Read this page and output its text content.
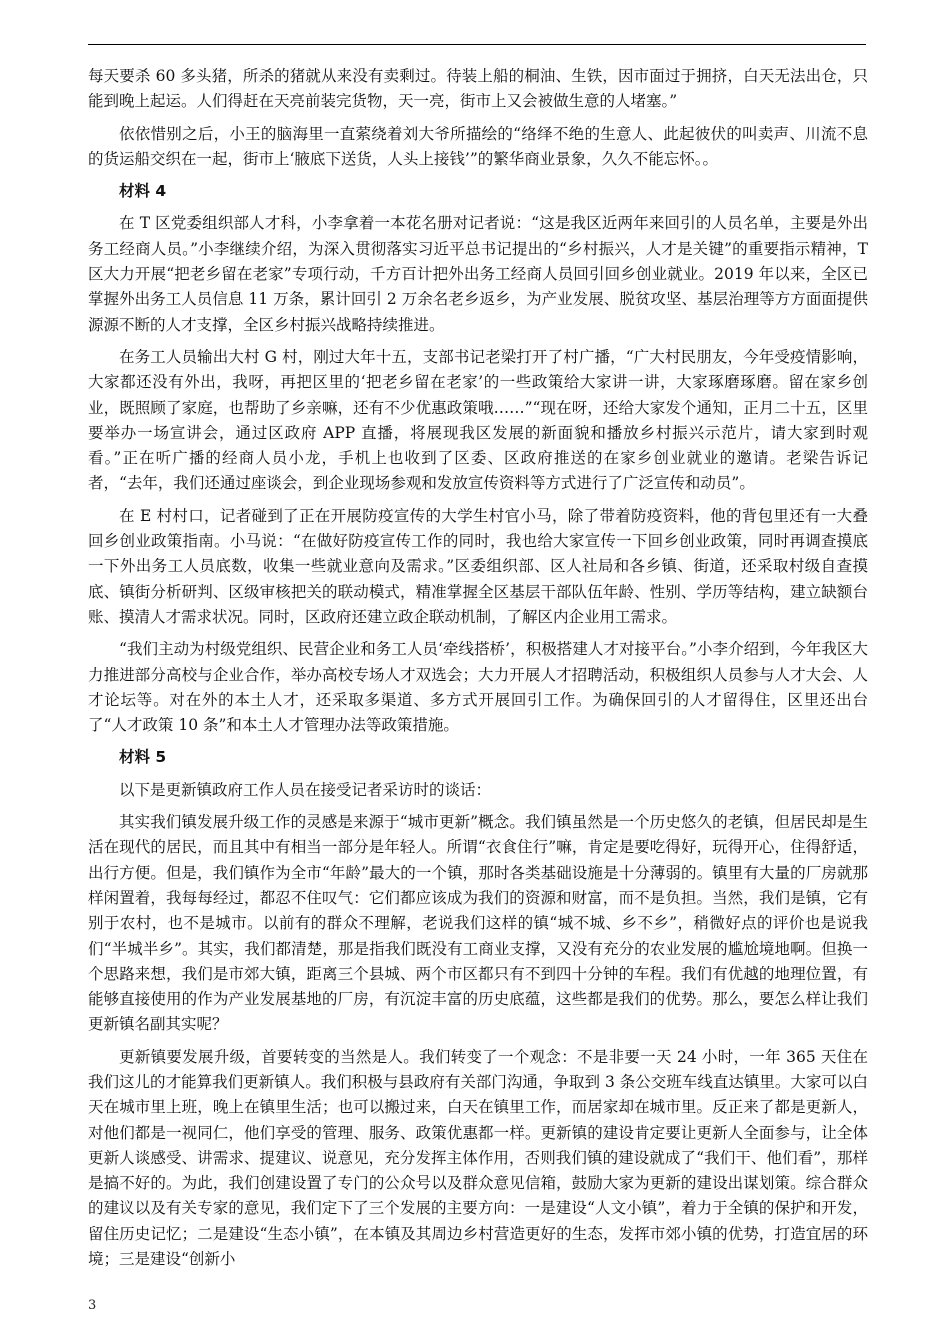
每天要杀 60 多头猪，所杀的猪就从来没有卖剩过。待装上船的桐油、生铁，因市面过于拥挤，白天无法出仓，只能到晚上起运。人们得赶在天亮前装完货物，天一亮，街市上又会被做生意的人堵塞。”

依依惜别之后，小王的脑海里一直萦绕着刘大爷所描绘的“络绎不绝的生意人、此起彼伏的叫卖声、川流不息的货运船交织在一起，街市上‘腋底下送货，人头上接钱’”的繁华商业景象，久久不能忘怀。。

材料 4

在 T 区党委组织部人才科，小李拿着一本花名册对记者说：“这是我区近两年来回引的人员名单，主要是外出务工经商人员。”小李继续介绍，为深入贯彻落实习近平总书记提出的“乡村振兴，人才是关键”的重要指示精神，T 区大力开展“把老乡留在老家”专项行动，千方百计把外出务工经商人员回引回乡创业就业。2019 年以来，全区已掌握外出务工人员信息 11 万条，累计回引 2 万余名老乡返乡，为产业发展、脱贫攻坚、基层治理等方方面面提供源源不断的人才支撑，全区乡村振兴战略持续推进。

在务工人员输出大村 G 村，刚过大年十五，支部书记老梁打开了村广播，“广大村民朋友，今年受疫情影响，大家都还没有外出，我呀，再把区里的‘把老乡留在老家’的一些政策给大家讲一讲，大家琢磨琢磨。留在家乡创业，既照顾了家庭，也帮助了乡亲嘛，还有不少优惠政策哦……”“现在呀，还给大家发个通知，正月二十五，区里要举办一场宣讲会，通过区政府 APP 直播，将展现我区发展的新面貌和播放乡村振兴示范片，请大家到时观看。”正在听广播的经商人员小龙，手机上也收到了区委、区政府推送的在家乡创业就业的邀请。老梁告诉记者，“去年，我们还通过座谈会，到企业现场参观和发放宣传资料等方式进行了广泛宣传和动员”。

在 E 村村口，记者碰到了正在开展防疫宣传的大学生村官小马，除了带着防疫资料，他的背包里还有一大叠回乡创业政策指南。小马说：“在做好防疫宣传工作的同时，我也给大家宣传一下回乡创业政策，同时再调查摸底一下外出务工人员底数，收集一些就业意向及需求。”区委组织部、区人社局和各乡镇、街道，还采取村级自查摸底、镇街分析研判、区级审核把关的联动模式，精准掌握全区基层干部队伍年龄、性别、学历等结构，建立缺额台账、摸清人才需求状况。同时，区政府还建立政企联动机制，了解区内企业用工需求。

“我们主动为村级党组织、民营企业和务工人员‘牵线搭桥’，积极搭建人才对接平台。”小李介绍到，今年我区大力推进部分高校与企业合作，举办高校专场人才双选会；大力开展人才招聘活动，积极组织人员参与人才大会、人才论坛等。对在外的本土人才，还采取多渠道、多方式开展回引工作。为确保回引的人才留得住，区里还出台了“人才政策 10 条”和本土人才管理办法等政策措施。

材料 5

以下是更新镇政府工作人员在接受记者采访时的谈话：

其实我们镇发展升级工作的灵感是来源于“城市更新”概念。我们镇虽然是一个历史悠久的老镇，但居民却是生活在现代的居民，而且其中有相当一部分是年轻人。所谓“衣食住行”嘛，肯定是要吃得好，玩得开心，住得舒适，出行方便。但是，我们镇作为全市“年龄”最大的一个镇，那时各类基础设施是十分薄弱的。镇里有大量的厂房就那样闲置着，我每每经过，都忍不住叹气：它们都应该成为我们的资源和财富，而不是负担。当然，我们是镇，它有别于农村，也不是城市。以前有的群众不理解，老说我们这样的镇“城不城、乡不乡”，稍微好点的评价也是说我们“半城半乡”。其实，我们都清楚，那是指我们既没有工商业支撑，又没有充分的农业发展的尴尬境地啊。但换一个思路来想，我们是市郊大镇，距离三个县城、两个市区都只有不到四十分钟的车程。我们有优越的地理位置，有能够直接使用的作为产业发展基地的厂房，有沉淀丰富的历史底蕴，这些都是我们的优势。那么，要怎么样让我们更新镇名副其实呢？

更新镇要发展升级，首要转变的当然是人。我们转变了一个观念：不是非要一天 24 小时，一年 365 天住在我们这儿的才能算我们更新镇人。我们积极与县政府有关部门沟通，争取到 3 条公交班车线直达镇里。大家可以白天在城市里上班，晚上在镇里生活；也可以搬过来，白天在镇里工作，而居家却在城市里。反正来了都是更新人，对他们都是一视同仁，他们享受的管理、服务、政策优惠都一样。更新镇的建设肯定要让更新人全面参与，让全体更新人谈感受、讲需求、提建议、说意见，充分发挥主体作用，否则我们镇的建设就成了“我们干、他们看”，那样是搞不好的。为此，我们创建设置了专门的公众号以及群众意见信箱，鼓励大家为更新的建设出谋划策。综合群众的建议以及有关专家的意见，我们定下了三个发展的主要方向：一是建设“人文小镇”，着力于全镇的保护和开发，留住历史记忆；二是建设“生态小镇”，在本镇及其周边乡村营造更好的生态，发挥市郊小镇的优势，打造宜居的环境；三是建设“创新小

3
